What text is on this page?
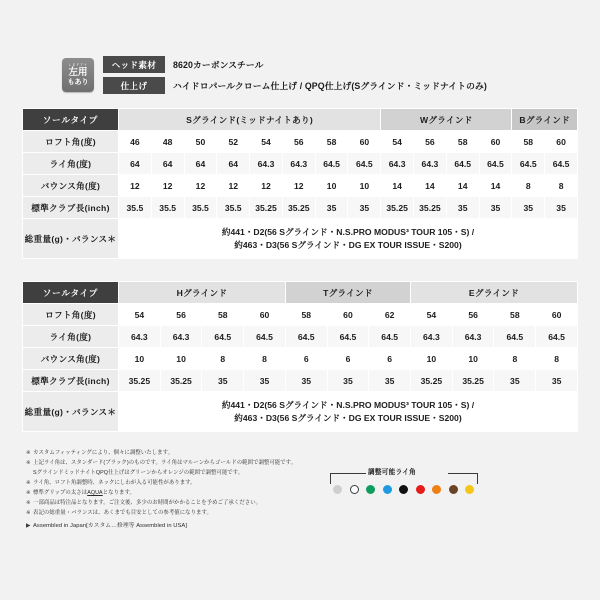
L E F T Y
左用
もあり
ヘッド素材	8620カーボンスチール
仕上げ	ハイドロパールクローム仕上げ / QPQ仕上げ(Sグラインド・ミッドナイトのみ)
ソールタイプ	Sグラインド(ミッドナイトあり)								Wグラインド				Bグラインド	
ロフト角(度)	46	48	50	52	54	56	58	60	54	56	58	60	58	60
ライ角(度)	64	64	64	64	64.3	64.3	64.5	64.5	64.3	64.3	64.5	64.5	64.5	64.5
バウンス角(度)	12	12	12	12	12	12	10	10	14	14	14	14	8	8
標準クラブ長(inch)	35.5	35.5	35.5	35.5	35.25	35.25	35	35	35.25	35.25	35	35	35	35
総重量(g)・バランス＊	約441・D2(56 Sグラインド・N.S.PRO MODUS³ TOUR 105・S) /
約463・D3(56 Sグラインド・DG EX TOUR ISSUE・S200)													
ソールタイプ	Hグラインド				Tグラインド			Eグラインド			
ロフト角(度)	54	56	58	60	58	60	62	54	56	58	60
ライ角(度)	64.3	64.3	64.5	64.5	64.5	64.5	64.5	64.3	64.3	64.5	64.5
バウンス角(度)	10	10	8	8	6	6	6	10	10	8	8
標準クラブ長(inch)	35.25	35.25	35	35	35	35	35	35.25	35.25	35	35
総重量(g)・バランス＊	約441・D2(56 Sグラインド・N.S.PRO MODUS³ TOUR 105・S) /
約463・D3(56 Sグラインド・DG EX TOUR ISSUE・S200)										
※ カスタムフィッティングにより、個々に調整いたします。
※ 上記ライ角は、スタンダード(ブラック)のものです。ライ角はマルーンからゴールドの範囲で調整可能です。
SグラインドミッドナイトQPQ仕上げはグリーンからオレンジの範囲で調整可能です。
※ ライ角、ロフト角調整時、ネックにしわが入る可能性があります。
※ 標準グリップの太さはAQUAとなります。
※ 一部商品は特注品となります。ご注文後、多少のお時間がかかることを予めご了承ください。
※ 表記の総重量・バランスは、あくまでも目安としての参考値になります。
▶ Assembled in Japan[カスタム…修理等 Assembled in USA]
調整可能ライ角
